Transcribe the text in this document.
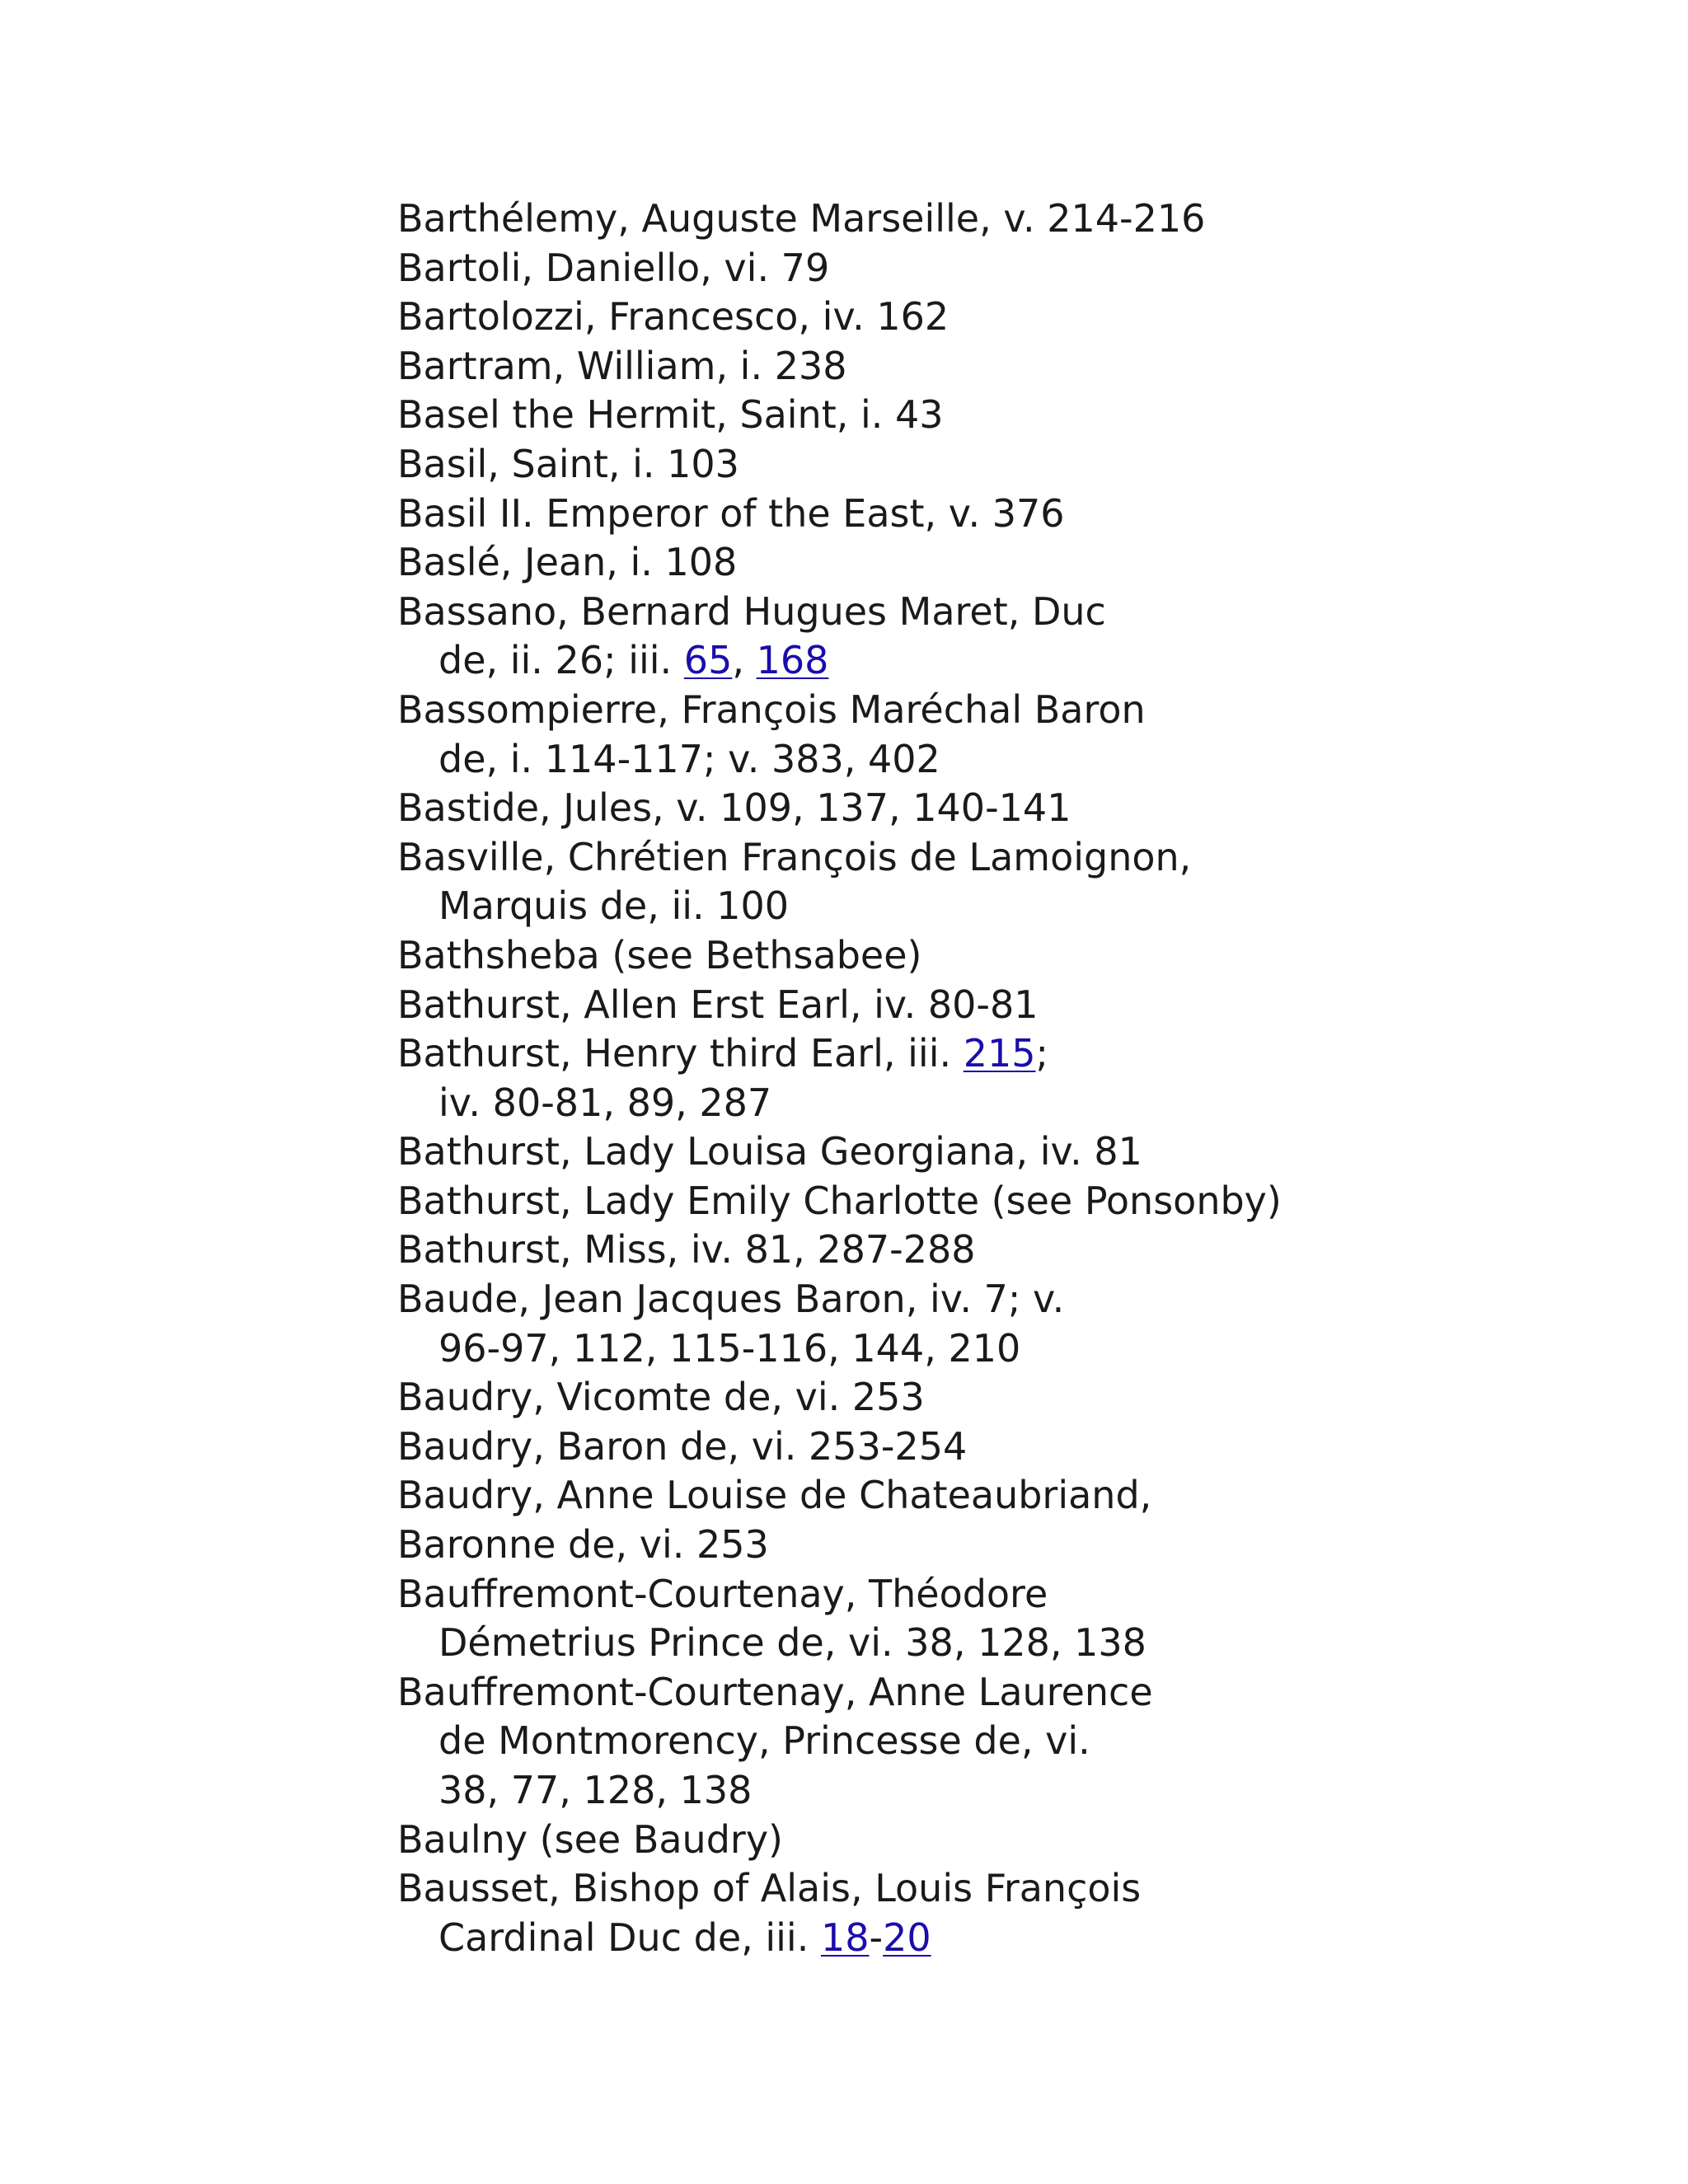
Barthélemy, Auguste Marseille, v. 214-216
Bartoli, Daniello, vi. 79
Bartolozzi, Francesco, iv. 162
Bartram, William, i. 238
Basel the Hermit, Saint, i. 43
Basil, Saint, i. 103
Basil II. Emperor of the East, v. 376
Baslé, Jean, i. 108
Bassano, Bernard Hugues Maret, Duc
de, ii. 26; iii. 65, 168
Bassompierre, François Maréchal Baron
de, i. 114-117; v. 383, 402
Bastide, Jules, v. 109, 137, 140-141
Basville, Chrétien François de Lamoignon,
Marquis de, ii. 100
Bathsheba (see Bethsabee)
Bathurst, Allen Erst Earl, iv. 80-81
Bathurst, Henry third Earl, iii. 215;
iv. 80-81, 89, 287
Bathurst, Lady Louisa Georgiana, iv. 81
Bathurst, Lady Emily Charlotte (see Ponsonby)
Bathurst, Miss, iv. 81, 287-288
Baude, Jean Jacques Baron, iv. 7; v.
96-97, 112, 115-116, 144, 210
Baudry, Vicomte de, vi. 253
Baudry, Baron de, vi. 253-254
Baudry, Anne Louise de Chateaubriand,
Baronne de, vi. 253
Bauffremont-Courtenay, Théodore
Démetrius Prince de, vi. 38, 128, 138
Bauffremont-Courtenay, Anne Laurence
de Montmorency, Princesse de, vi.
38, 77, 128, 138
Baulny (see Baudry)
Bausset, Bishop of Alais, Louis François
Cardinal Duc de, iii. 18-20
